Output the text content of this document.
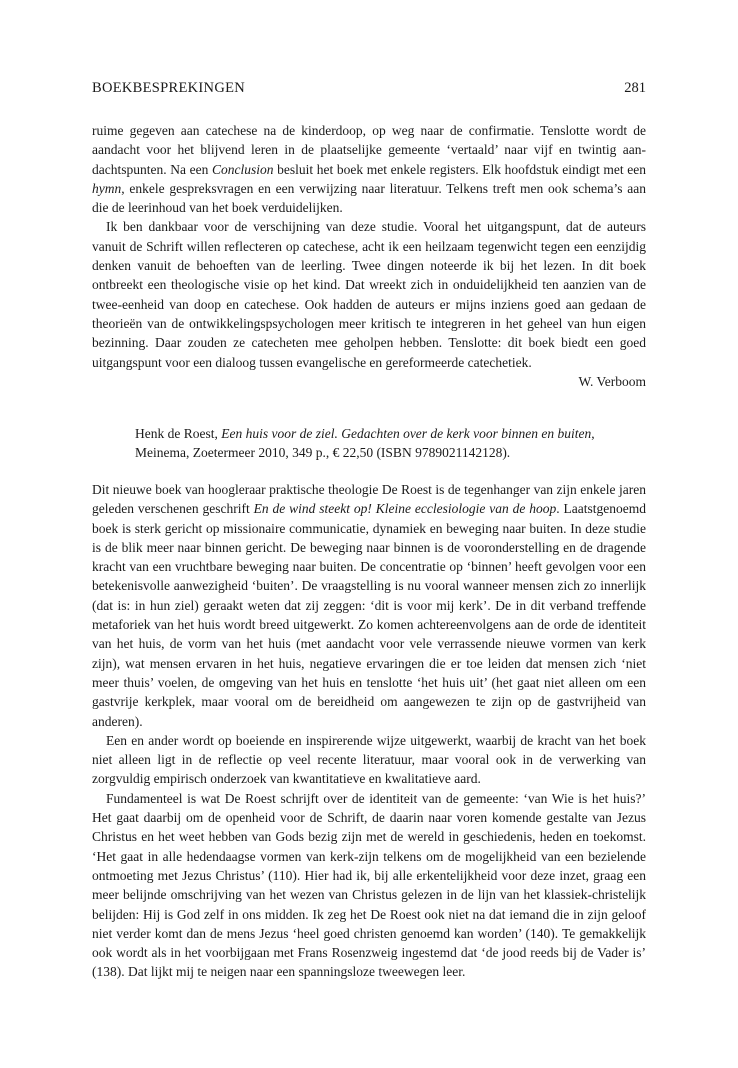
BOEKBESPREKINGEN	281

ruime gegeven aan catechese na de kinderdoop, op weg naar de confirmatie. Tenslotte wordt de aandacht voor het blijvend leren in de plaatselijke gemeente ‘vertaald’ naar vijf en twintig aandachtspunten. Na een Conclusion besluit het boek met enkele registers. Elk hoofdstuk eindigt met een hymn, enkele gespreksvragen en een verwijzing naar literatuur. Telkens treft men ook schema’s aan die de leerinhoud van het boek verduidelijken.

Ik ben dankbaar voor de verschijning van deze studie. Vooral het uitgangspunt, dat de auteurs vanuit de Schrift willen reflecteren op catechese, acht ik een heilzaam tegenwicht tegen een eenzijdig denken vanuit de behoeften van de leerling. Twee dingen noteerde ik bij het lezen. In dit boek ontbreekt een theologische visie op het kind. Dat wreekt zich in onduidelijkheid ten aanzien van de twee-eenheid van doop en catechese. Ook hadden de auteurs er mijns inziens goed aan gedaan de theorieën van de ontwikkelingspsychologen meer kritisch te integreren in het geheel van hun eigen bezinning. Daar zouden ze catecheten mee geholpen hebben. Tenslotte: dit boek biedt een goed uitgangspunt voor een dialoog tussen evangelische en gereformeerde catechetiek.

W. Verboom

Henk de Roest, Een huis voor de ziel. Gedachten over de kerk voor binnen en buiten, Meinema, Zoetermeer 2010, 349 p., € 22,50 (ISBN 9789021142128).

Dit nieuwe boek van hoogleraar praktische theologie De Roest is de tegenhanger van zijn enkele jaren geleden verschenen geschrift En de wind steekt op! Kleine ecclesiologie van de hoop. Laatstgenoemd boek is sterk gericht op missionaire communicatie, dynamiek en beweging naar buiten. In deze studie is de blik meer naar binnen gericht. De beweging naar binnen is de vooronderstelling en de dragende kracht van een vruchtbare beweging naar buiten. De concentratie op ‘binnen’ heeft gevolgen voor een betekenisvolle aanwezigheid ‘buiten’. De vraagstelling is nu vooral wanneer mensen zich zo innerlijk (dat is: in hun ziel) geraakt weten dat zij zeggen: ‘dit is voor mij kerk’. De in dit verband treffende metaforiek van het huis wordt breed uitgewerkt. Zo komen achtereenvolgens aan de orde de identiteit van het huis, de vorm van het huis (met aandacht voor vele verrassende nieuwe vormen van kerk zijn), wat mensen ervaren in het huis, negatieve ervaringen die er toe leiden dat mensen zich ‘niet meer thuis’ voelen, de omgeving van het huis en tenslotte ‘het huis uit’ (het gaat niet alleen om een gastvrije kerkplek, maar vooral om de bereidheid om aangewezen te zijn op de gastvrijheid van anderen).

Een en ander wordt op boeiende en inspirerende wijze uitgewerkt, waarbij de kracht van het boek niet alleen ligt in de reflectie op veel recente literatuur, maar vooral ook in de verwerking van zorgvuldig empirisch onderzoek van kwantitatieve en kwalitatieve aard.

Fundamenteel is wat De Roest schrijft over de identiteit van de gemeente: ‘van Wie is het huis?’ Het gaat daarbij om de openheid voor de Schrift, de daarin naar voren komende gestalte van Jezus Christus en het weet hebben van Gods bezig zijn met de wereld in geschiedenis, heden en toekomst. ‘Het gaat in alle hedendaagse vormen van kerk-zijn telkens om de mogelijkheid van een bezielende ontmoeting met Jezus Christus’ (110). Hier had ik, bij alle erkentelijkheid voor deze inzet, graag een meer belijnde omschrijving van het wezen van Christus gelezen in de lijn van het klassiek-christelijk belijden: Hij is God zelf in ons midden. Ik zeg het De Roest ook niet na dat iemand die in zijn geloof niet verder komt dan de mens Jezus ‘heel goed christen genoemd kan worden’ (140). Te gemakkelijk ook wordt als in het voorbijgaan met Frans Rosenzweig ingestemd dat ‘de jood reeds bij de Vader is’ (138). Dat lijkt mij te neigen naar een spanningsloze tweewegen leer.
